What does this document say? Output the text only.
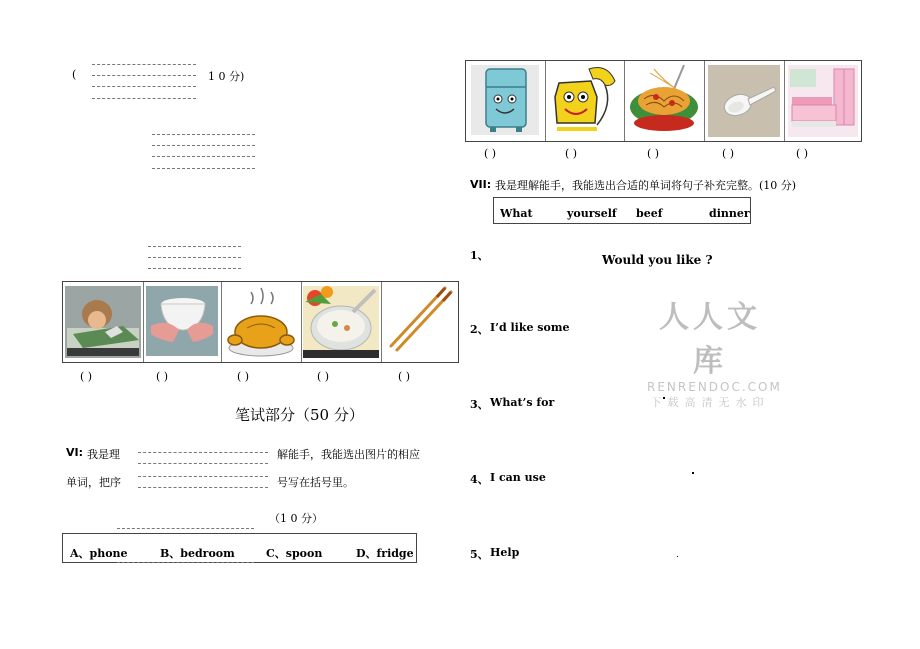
(	1 0 分)
( )	( )	( )	( )	( )
笔试部分（50 分）
VI: 我是理	解能手，我能选出图片的相应
单词，把序	号写在括号里。
（1 0 分）
A、phone	B、bedroom	C、spoon	D、fridge
( )	( )	( )	( )	( )
VII: 我是理解能手，我能选出合适的单词将句子补充完整。(10 分)
What	yourself beef	dinner
1、	Would you like ?
2、 I’d like some
3、 What’s for
4、 I can use
5、 Help
人人文库
RENRENDOC.COM
下载高清无水印
